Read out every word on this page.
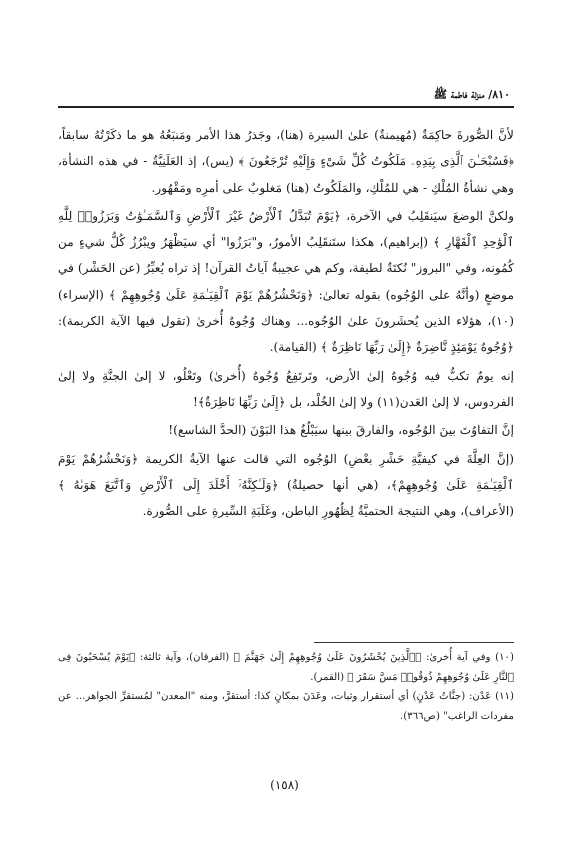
٨١٠/ منزلة فاطمة ﷺ

لأنَّ الصُّورةَ حاكِمَةٌ (مُهيمنةٌ) علىٰ السيرة (هنا)، وجَذرُ هذا الأمر ومَنبَعُهُ هو ما ذكَرْتُهُ سابقاً، ﴿فَسُبْحَـٰنَ ٱلَّذِى بِيَدِهِۦ مَلَكُوتُ كُلِّ شَىْءٍ وَإِلَيْهِ تُرْجَعُونَ ﴾ (يس)، إذ العَلَنِيَّةُ - في هذه النشأة، وهي نشأةُ المُلْكِ - هي للمُلْكِ، والمَلَكُوتُ (هنا) مَغلوبٌ على أمرِه ومَقْهُور.

ولكنَّ الوضعَ سيَنقَلِبُ في الآخرة، ﴿يَوْمَ تُبَدَّلُ ٱلْأَرْضُ غَيْرَ ٱلْأَرْضِ وَٱلسَّمَـٰوَٰتُ وَبَرَزُوا۟ لِلَّهِ ٱلْوَٰحِدِ ٱلْقَهَّارِ ﴾ (إبراهيم)، هكذا ستَنقَلِبُ الأمورُ، و"بَرَزُوا" أي سيَظْهَرُ ويبْرُزُ كُلُّ شيءٍ من كُمُونه، وفي "البروز" نُكتَةٌ لطيفة، وكم هي عجيبةٌ آياتُ القرآن! إذ تراه يُعبِّرُ (عن الحَشْر) في موضعٍ (وأنَّهُ على الوُجُوه) بقوله تعالىٰ: ﴿وَنَحْشُرُهُمْ يَوْمَ ٱلْقِيَـٰمَةِ عَلَىٰ وُجُوهِهِمْ ﴾ (الإسراء)(١٠)، هؤلاء الذين يُحشَرونَ علىٰ الوُجُوه... وهناك وُجُوهٌ أُخرىٰ (تقول فيها الآية الكريمة): ﴿وُجُوهٌ يَوْمَئِذٍ نَّاضِرَةٌ ﴿إِلَىٰ رَبِّهَا نَاظِرَةٌ ﴾ (القيامة).

إنه يومٌ تكبُّ فيه وُجُوهٌ إلىٰ الأرض، وتَرتَفِعُ وُجُوهٌ (أُخرىٰ) وتَعْلُو، لا إلىٰ الجنَّةِ ولا إلىٰ الفردوس، لا إلىٰ العَدن(١١) ولا إلىٰ الخُلْد، بل ﴿إِلَىٰ رَبِّهَا نَاظِرَةٌ﴾!

إنَّ التفاوُتَ بينَ الوُجُوه، والفارقَ بينها سيَبْلُغُ هذا البَوْنَ (الحدَّ الشاسع)!

(إنَّ العِلَّةَ في كيفيَّةِ حَشْرِ بعْضِ) الوُجُوه التي قالت عنها الآيةُ الكريمة ﴿وَنَحْشُرُهُمْ يَوْمَ ٱلْقِيَـٰمَةِ عَلَىٰ وُجُوهِهِمْ﴾، (هي أنها حصيلةُ) ﴿وَلَـٰكِنَّهُۥٓ أَخْلَدَ إِلَى ٱلْأَرْضِ وَٱتَّبَعَ هَوَىٰهُ ﴾ (الأعراف)، وهي النتيجة الحتميَّةُ لِظُهُورِ الباطن، وغَلَبَةِ السِّيرةِ على الصُّورة.

(١٠) وفي آية أُخرىٰ: ﴿ٱلَّذِينَ يُحْشَرُونَ عَلَىٰ وُجُوهِهِمْ إِلَىٰ جَهَنَّمَ ﴾ (الفرقان)، وآية ثالثة: ﴿يَوْمَ يُسْحَبُونَ فِى ٱلنَّارِ عَلَىٰ وُجُوهِهِمْ ذُوقُوا۟ مَسَّ سَقَرَ ﴾ (القمر).

(١١) عَدْن: (جنَّاتُ عَدْنٍ) أي أستقرار وثبات، وعَدَنَ بمكانٍ كذا: أستقرَّ، ومنه "المعدن" لمُستقرِّ الجواهر... عن مفردات الراغب" (ص٣٦٦).

(١٥٨)
